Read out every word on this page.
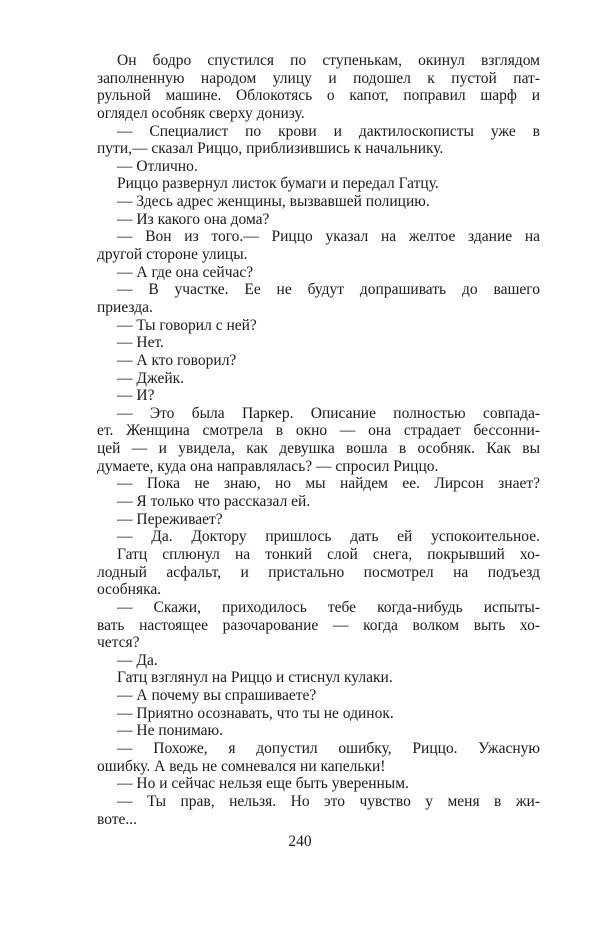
Он бодро спустился по ступенькам, окинул взглядом
заполненную народом улицу и подошел к пустой пат-
рульной машине. Облокотясь о капот, поправил шарф и
оглядел особняк сверху донизу.
— Специалист по крови и дактилоскописты уже в
пути,— сказал Риццо, приблизившись к начальнику.
— Отлично.
Риццо развернул листок бумаги и передал Гатцу.
— Здесь адрес женщины, вызвавшей полицию.
— Из какого она дома?
— Вон из того.— Риццо указал на желтое здание на
другой стороне улицы.
— А где она сейчас?
— В участке. Ее не будут допрашивать до вашего
приезда.
— Ты говорил с ней?
— Нет.
— А кто говорил?
— Джейк.
— И?
— Это была Паркер. Описание полностью совпада-
ет. Женщина смотрела в окно — она страдает бессонни-
цей — и увидела, как девушка вошла в особняк. Как вы
думаете, куда она направлялась? — спросил Риццо.
— Пока не знаю, но мы найдем ее. Лирсон знает?
— Я только что рассказал ей.
— Переживает?
— Да. Доктору пришлось дать ей успокоительное.
Гатц сплюнул на тонкий слой снега, покрывший хо-
лодный асфальт, и пристально посмотрел на подъезд
особняка.
— Скажи, приходилось тебе когда-нибудь испыты-
вать настоящее разочарование — когда волком выть хо-
чется?
— Да.
Гатц взглянул на Риццо и стиснул кулаки.
— А почему вы спрашиваете?
— Приятно осознавать, что ты не одинок.
— Не понимаю.
— Похоже, я допустил ошибку, Риццо. Ужасную
ошибку. А ведь не сомневался ни капельки!
— Но и сейчас нельзя еще быть уверенным.
— Ты прав, нельзя. Но это чувство у меня в жи-
воте...
240
